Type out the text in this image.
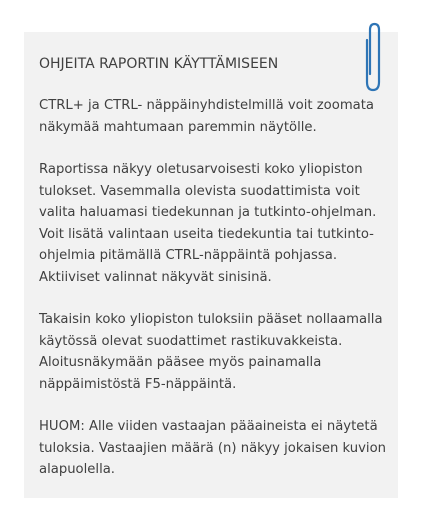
OHJEITA RAPORTIN KÄYTTÄMISEEN
CTRL+ ja CTRL- näppäinyhdistelmillä voit zoomata näkymää mahtumaan paremmin näytölle.
Raportissa näkyy oletusarvoisesti koko yliopiston tulokset. Vasemmalla olevista suodattimista voit valita haluamasi tiedekunnan ja tutkinto-ohjelman. Voit lisätä valintaan useita tiedekuntia tai tutkinto-ohjelmia pitämällä CTRL-näppäintä pohjassa. Aktiiviset valinnat näkyvät sinisinä.
Takaisin koko yliopiston tuloksiin pääset nollaamalla käytössä olevat suodattimet rastikuvakkeista. Aloitusnäkymään pääsee myös painamalla näppäimistöstä F5-näppäintä.
HUOM: Alle viiden vastaajan pääaineista ei näytetä tuloksia. Vastaajien määrä (n) näkyy jokaisen kuvion alapuolella.
